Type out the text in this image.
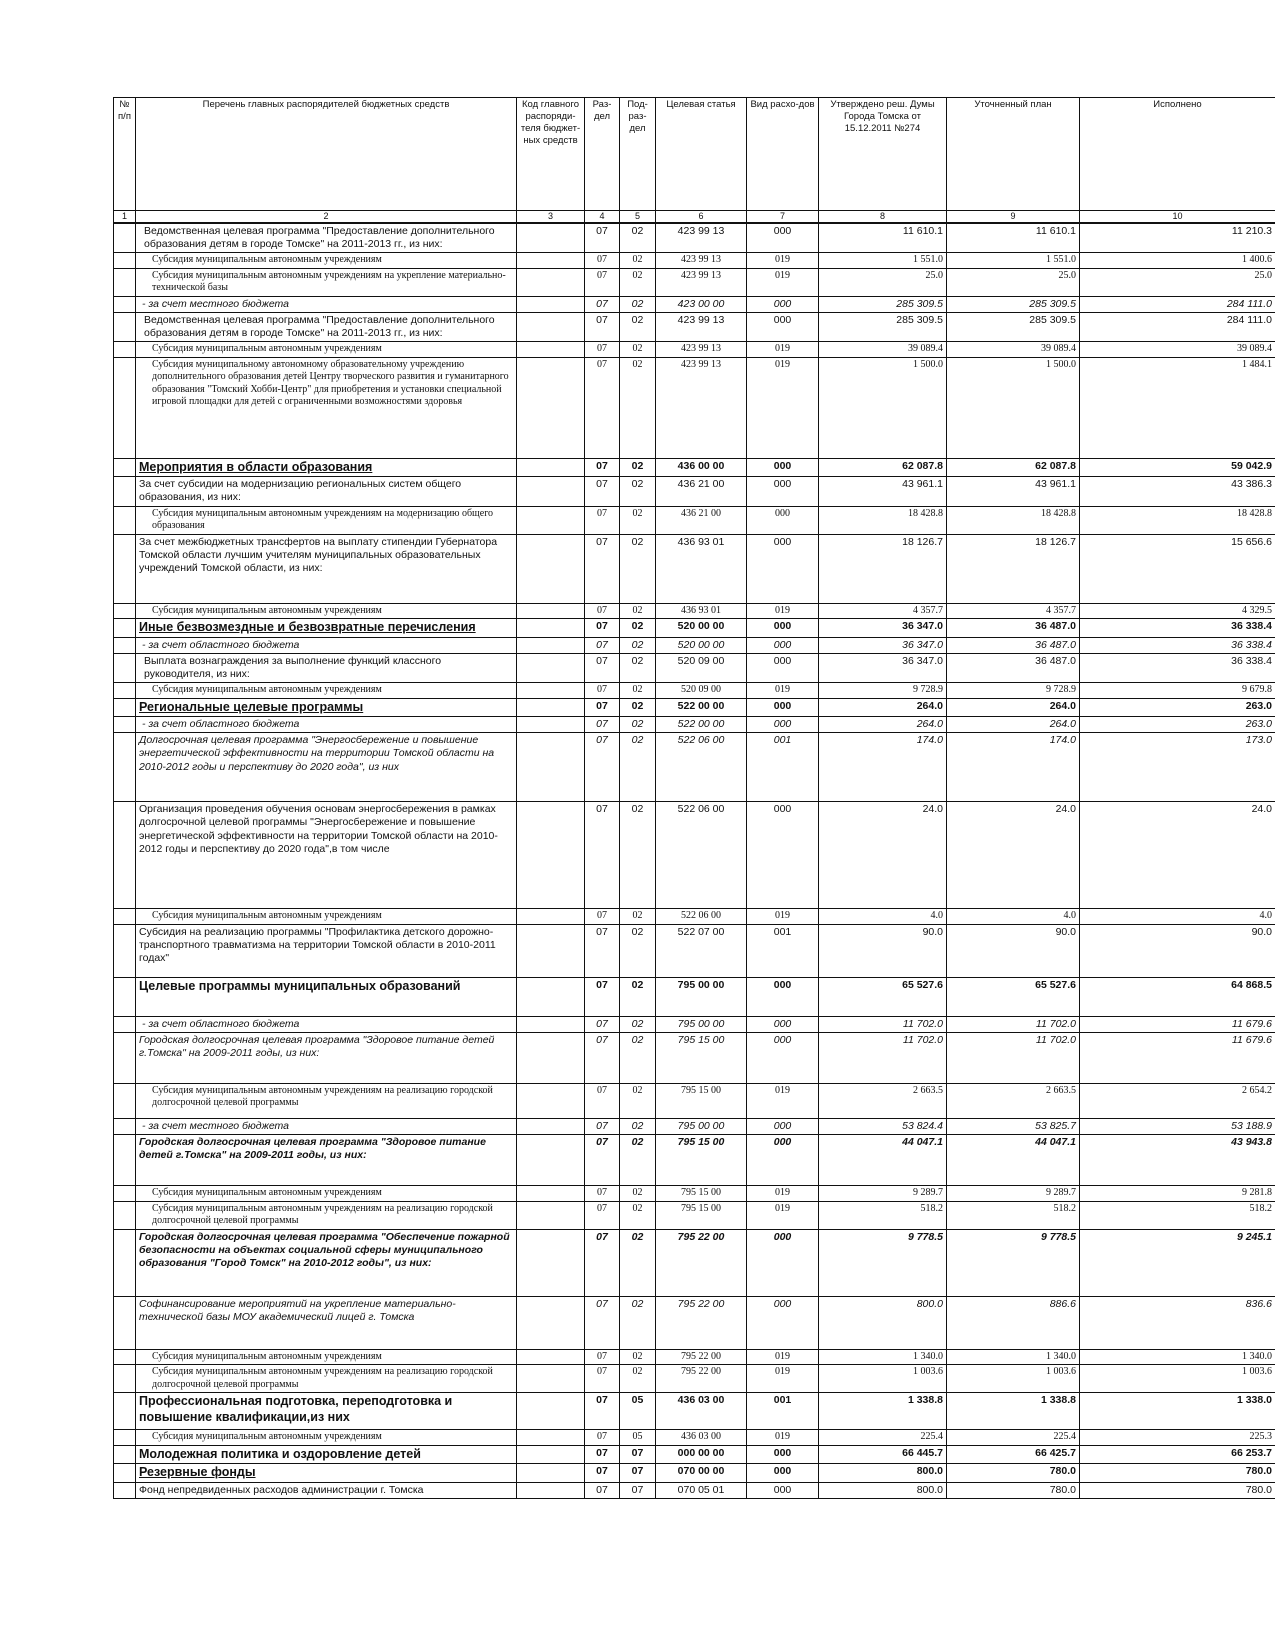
№ п/п	Перечень главных распорядителей бюджетных средств	Код главного распоряди-теля бюджет-ных средств	Раз-дел	Под-раз-дел	Целевая статья	Вид расхо-дов	Утверждено реш. Думы Города Томска от 15.12.2011 №274	Уточненный план	Исполнено
1	2	3	4	5	6	7	8	9	10
	Ведомственная целевая программа "Предоставление дополнительного образования детям в городе Томске" на 2011-2013 гг., из них:		07	02	423 99 13	000	11 610.1	11 610.1	11 210.3
	Субсидия муниципальным автономным учреждениям		07	02	423 99 13	019	1 551.0	1 551.0	1 400.6
	Субсидия муниципальным автономным учреждениям на укрепление материально-технической базы		07	02	423 99 13	019	25.0	25.0	25.0
	- за счет местного бюджета		07	02	423 00 00	000	285 309.5	285 309.5	284 111.0
	Ведомственная целевая программа "Предоставление дополнительного образования детям в городе Томске" на 2011-2013 гг., из них:		07	02	423 99 13	000	285 309.5	285 309.5	284 111.0
	Субсидия муниципальным автономным учреждениям		07	02	423 99 13	019	39 089.4	39 089.4	39 089.4
	Субсидия муниципальному автономному образовательному учреждению дополнительного образования детей Центру творческого развития и гуманитарного образования "Томский Хобби-Центр" для приобретения и установки специальной игровой площадки для детей с ограниченными возможностями здоровья		07	02	423 99 13	019	1 500.0	1 500.0	1 484.1
	Мероприятия в области образования		07	02	436 00 00	000	62 087.8	62 087.8	59 042.9
	За счет субсидии на модернизацию региональных систем общего образования, из них:		07	02	436 21 00	000	43 961.1	43 961.1	43 386.3
	Субсидия муниципальным автономным учреждениям на модернизацию общего образования		07	02	436 21 00	000	18 428.8	18 428.8	18 428.8
	За счет межбюджетных трансфертов на выплату стипендии Губернатора Томской области лучшим учителям муниципальных образовательных учреждений Томской области, из них:		07	02	436 93 01	000	18 126.7	18 126.7	15 656.6
	Субсидия муниципальным автономным учреждениям		07	02	436 93 01	019	4 357.7	4 357.7	4 329.5
	Иные безвозмездные и безвозвратные перечисления		07	02	520 00 00	000	36 347.0	36 487.0	36 338.4
	- за счет областного бюджета		07	02	520 00 00	000	36 347.0	36 487.0	36 338.4
	Выплата вознаграждения за выполнение функций классного руководителя, из них:		07	02	520 09 00	000	36 347.0	36 487.0	36 338.4
	Субсидия муниципальным автономным учреждениям		07	02	520 09 00	019	9 728.9	9 728.9	9 679.8
	Региональные целевые программы		07	02	522 00 00	000	264.0	264.0	263.0
	- за счет областного бюджета		07	02	522 00 00	000	264.0	264.0	263.0
	Долгосрочная целевая программа "Энергосбережение и повышение энергетической эффективности на территории Томской области на 2010-2012 годы и перспективу до 2020 года", из них		07	02	522 06 00	001	174.0	174.0	173.0
	Организация проведения обучения основам энергосбережения в рамках долгосрочной целевой программы "Энергосбережение и повышение энергетической эффективности на территории Томской области на 2010-2012 годы и перспективу до 2020 года",в том числе		07	02	522 06 00	000	24.0	24.0	24.0
	Субсидия муниципальным автономным учреждениям		07	02	522 06 00	019	4.0	4.0	4.0
	Субсидия на реализацию программы "Профилактика детского дорожно-транспортного травматизма на территории Томской области в 2010-2011 годах"		07	02	522 07 00	001	90.0	90.0	90.0
	Целевые программы муниципальных образований		07	02	795 00 00	000	65 527.6	65 527.6	64 868.5
	- за счет областного бюджета		07	02	795 00 00	000	11 702.0	11 702.0	11 679.6
	Городская долгосрочная целевая программа "Здоровое питание детей г.Томска" на 2009-2011 годы, из них:		07	02	795 15 00	000	11 702.0	11 702.0	11 679.6
	Субсидия муниципальным автономным учреждениям на реализацию городской долгосрочной целевой программы		07	02	795 15 00	019	2 663.5	2 663.5	2 654.2
	- за счет местного бюджета		07	02	795 00 00	000	53 824.4	53 825.7	53 188.9
	Городская долгосрочная целевая программа "Здоровое питание детей г.Томска" на 2009-2011 годы, из них:		07	02	795 15 00	000	44 047.1	44 047.1	43 943.8
	Субсидия муниципальным автономным учреждениям		07	02	795 15 00	019	9 289.7	9 289.7	9 281.8
	Субсидия муниципальным автономным учреждениям на реализацию городской долгосрочной целевой программы		07	02	795 15 00	019	518.2	518.2	518.2
	Городская долгосрочная целевая программа "Обеспечение пожарной безопасности на объектах социальной сферы муниципального образования "Город Томск" на 2010-2012 годы", из них:		07	02	795 22 00	000	9 778.5	9 778.5	9 245.1
	Софинансирование мероприятий на укрепление материально-технической базы МОУ академический лицей г. Томска		07	02	795 22 00	000	800.0	886.6	836.6
	Субсидия муниципальным автономным учреждениям		07	02	795 22 00	019	1 340.0	1 340.0	1 340.0
	Субсидия муниципальным автономным учреждениям на реализацию городской долгосрочной целевой программы		07	02	795 22 00	019	1 003.6	1 003.6	1 003.6
	Профессиональная подготовка, переподготовка и повышение квалификации,из них		07	05	436 03 00	001	1 338.8	1 338.8	1 338.0
	Субсидия муниципальным автономным учреждениям		07	05	436 03 00	019	225.4	225.4	225.3
	Молодежная политика и оздоровление детей		07	07	000 00 00	000	66 445.7	66 425.7	66 253.7
	Резервные фонды		07	07	070 00 00	000	800.0	780.0	780.0
	Фонд непредвиденных расходов администрации г. Томска		07	07	070 05 01	000	800.0	780.0	780.0
